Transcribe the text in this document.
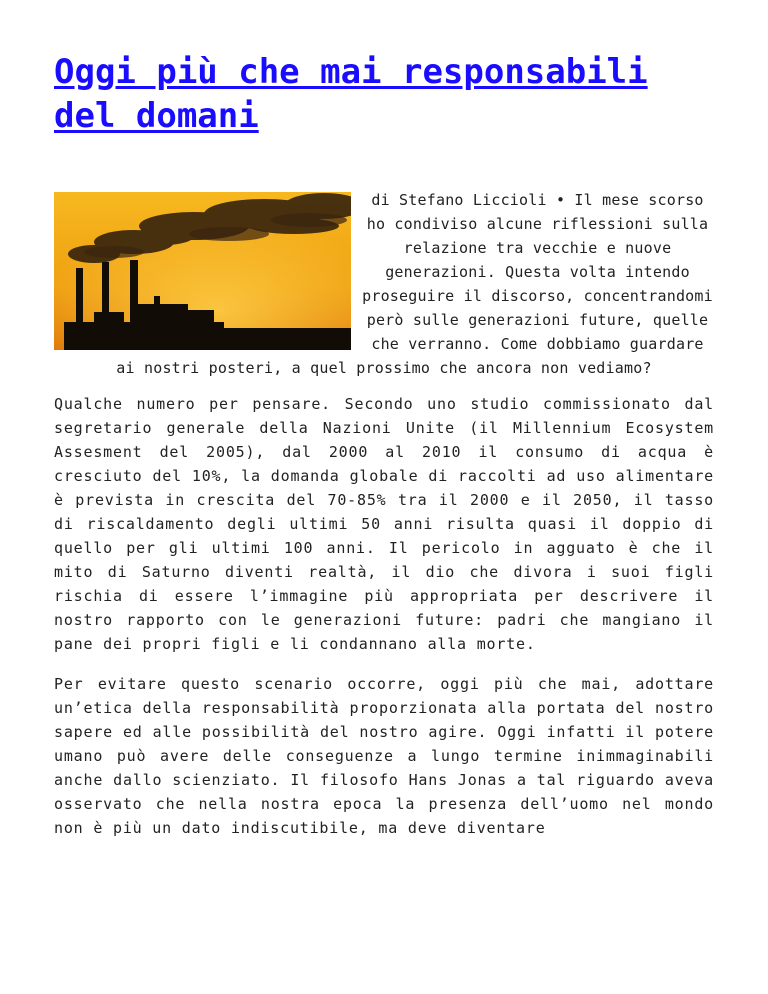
Oggi più che mai responsabili del domani
di Stefano Liccioli • Il mese scorso ho condiviso alcune riflessioni sulla relazione tra vecchie e nuove generazioni. Questa volta intendo proseguire il discorso, concentrandomi però sulle generazioni future, quelle che verranno. Come dobbiamo guardare ai nostri posteri, a quel prossimo che ancora non vediamo?

Qualche numero per pensare. Secondo uno studio commissionato dal segretario generale della Nazioni Unite (il Millennium Ecosystem Assesment del 2005), dal 2000 al 2010 il consumo di acqua è cresciuto del 10%, la domanda globale di raccolti ad uso alimentare è prevista in crescita del 70-85% tra il 2000 e il 2050, il tasso di riscaldamento degli ultimi 50 anni risulta quasi il doppio di quello per gli ultimi 100 anni. Il pericolo in agguato è che il mito di Saturno diventi realtà, il dio che divora i suoi figli rischia di essere l’immagine più appropriata per descrivere il nostro rapporto con le generazioni future: padri che mangiano il pane dei propri figli e li condannano alla morte.

Per evitare questo scenario occorre, oggi più che mai, adottare un’etica della responsabilità proporzionata alla portata del nostro sapere ed alle possibilità del nostro agire. Oggi infatti il potere umano può avere delle conseguenze a lungo termine inimmaginabili anche dallo scienziato. Il filosofo Hans Jonas a tal riguardo aveva osservato che nella nostra epoca la presenza dell’uomo nel mondo non è più un dato indiscutibile, ma deve diventare
